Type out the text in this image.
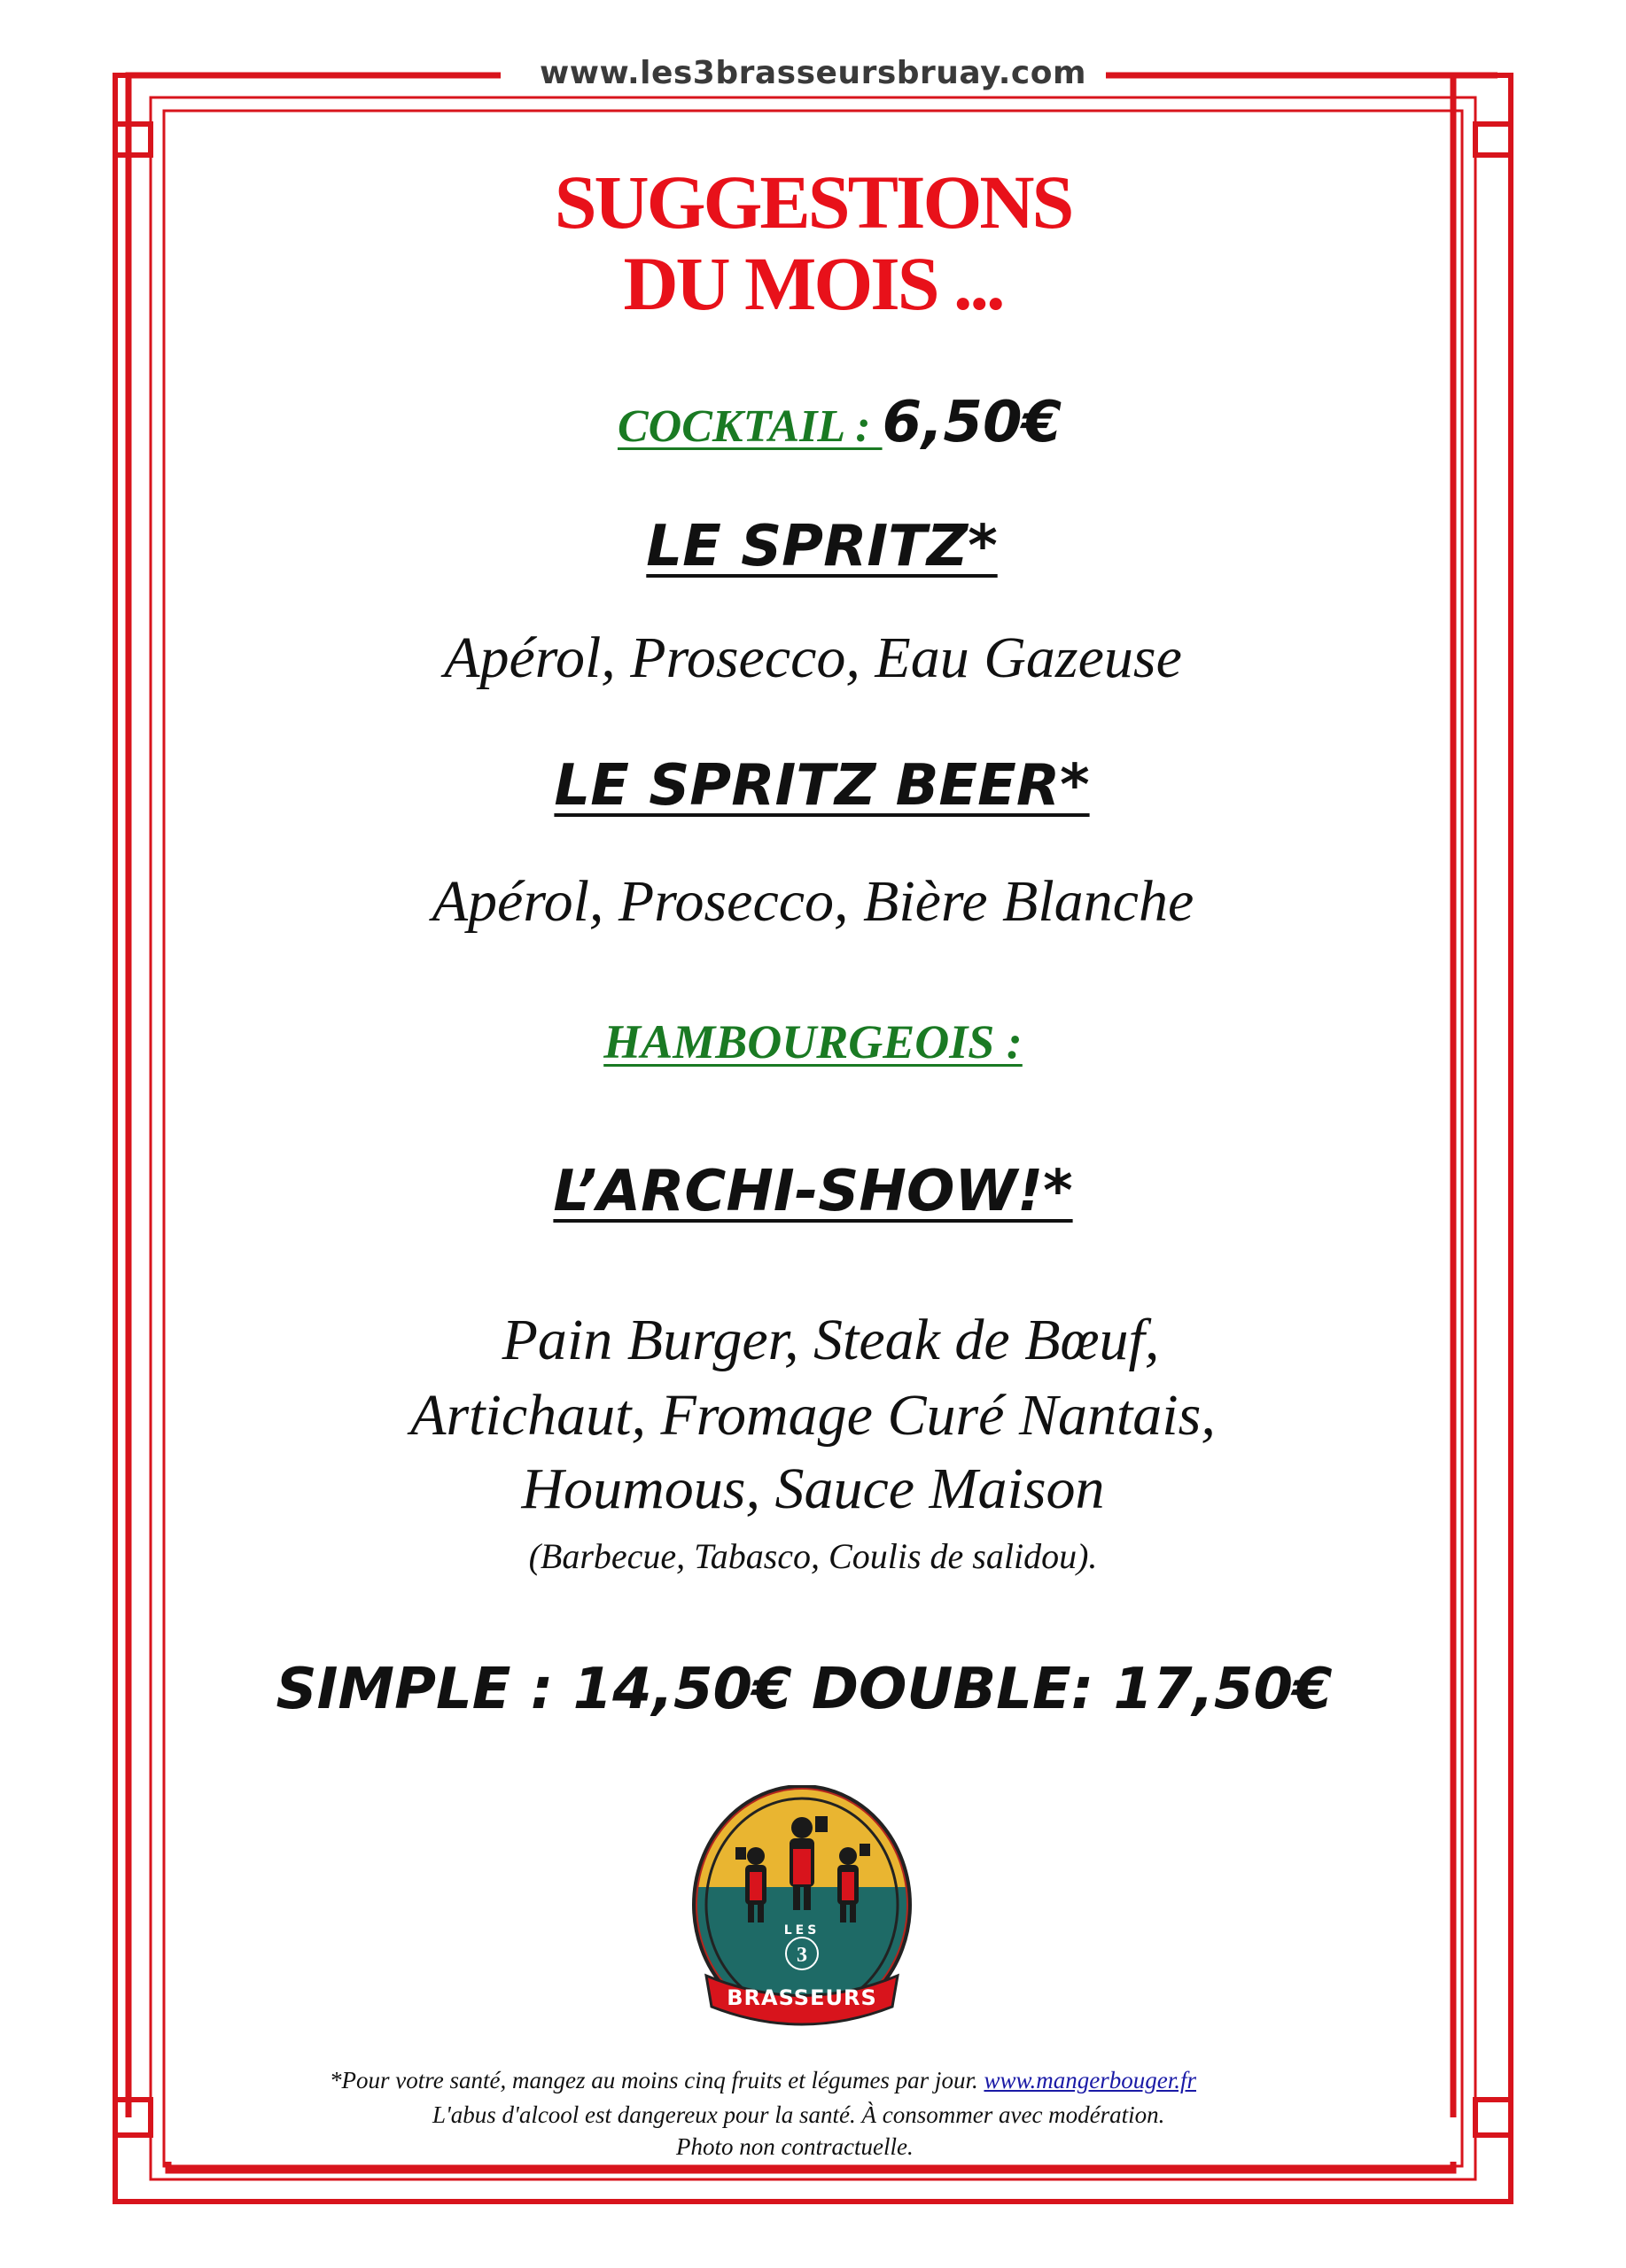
www.les3brasseursbruay.com
SUGGESTIONS
DU MOIS ...
COCKTAIL : 6,50€
LE SPRITZ*
Apérol, Prosecco, Eau Gazeuse
LE SPRITZ BEER*
Apérol, Prosecco, Bière Blanche
HAMBOURGEOIS :
L’ARCHI-SHOW!*
Pain Burger, Steak de Bœuf,
Artichaut, Fromage Curé Nantais,
Houmous, Sauce Maison
(Barbecue, Tabasco, Coulis de salidou).
SIMPLE : 14,50€ DOUBLE: 17,50€
LES
3
BRASSEURS
*Pour votre santé, mangez au moins cinq fruits et légumes par jour. www.mangerbouger.fr
L'abus d'alcool est dangereux pour la santé. À consommer avec modération.
Photo non contractuelle.
